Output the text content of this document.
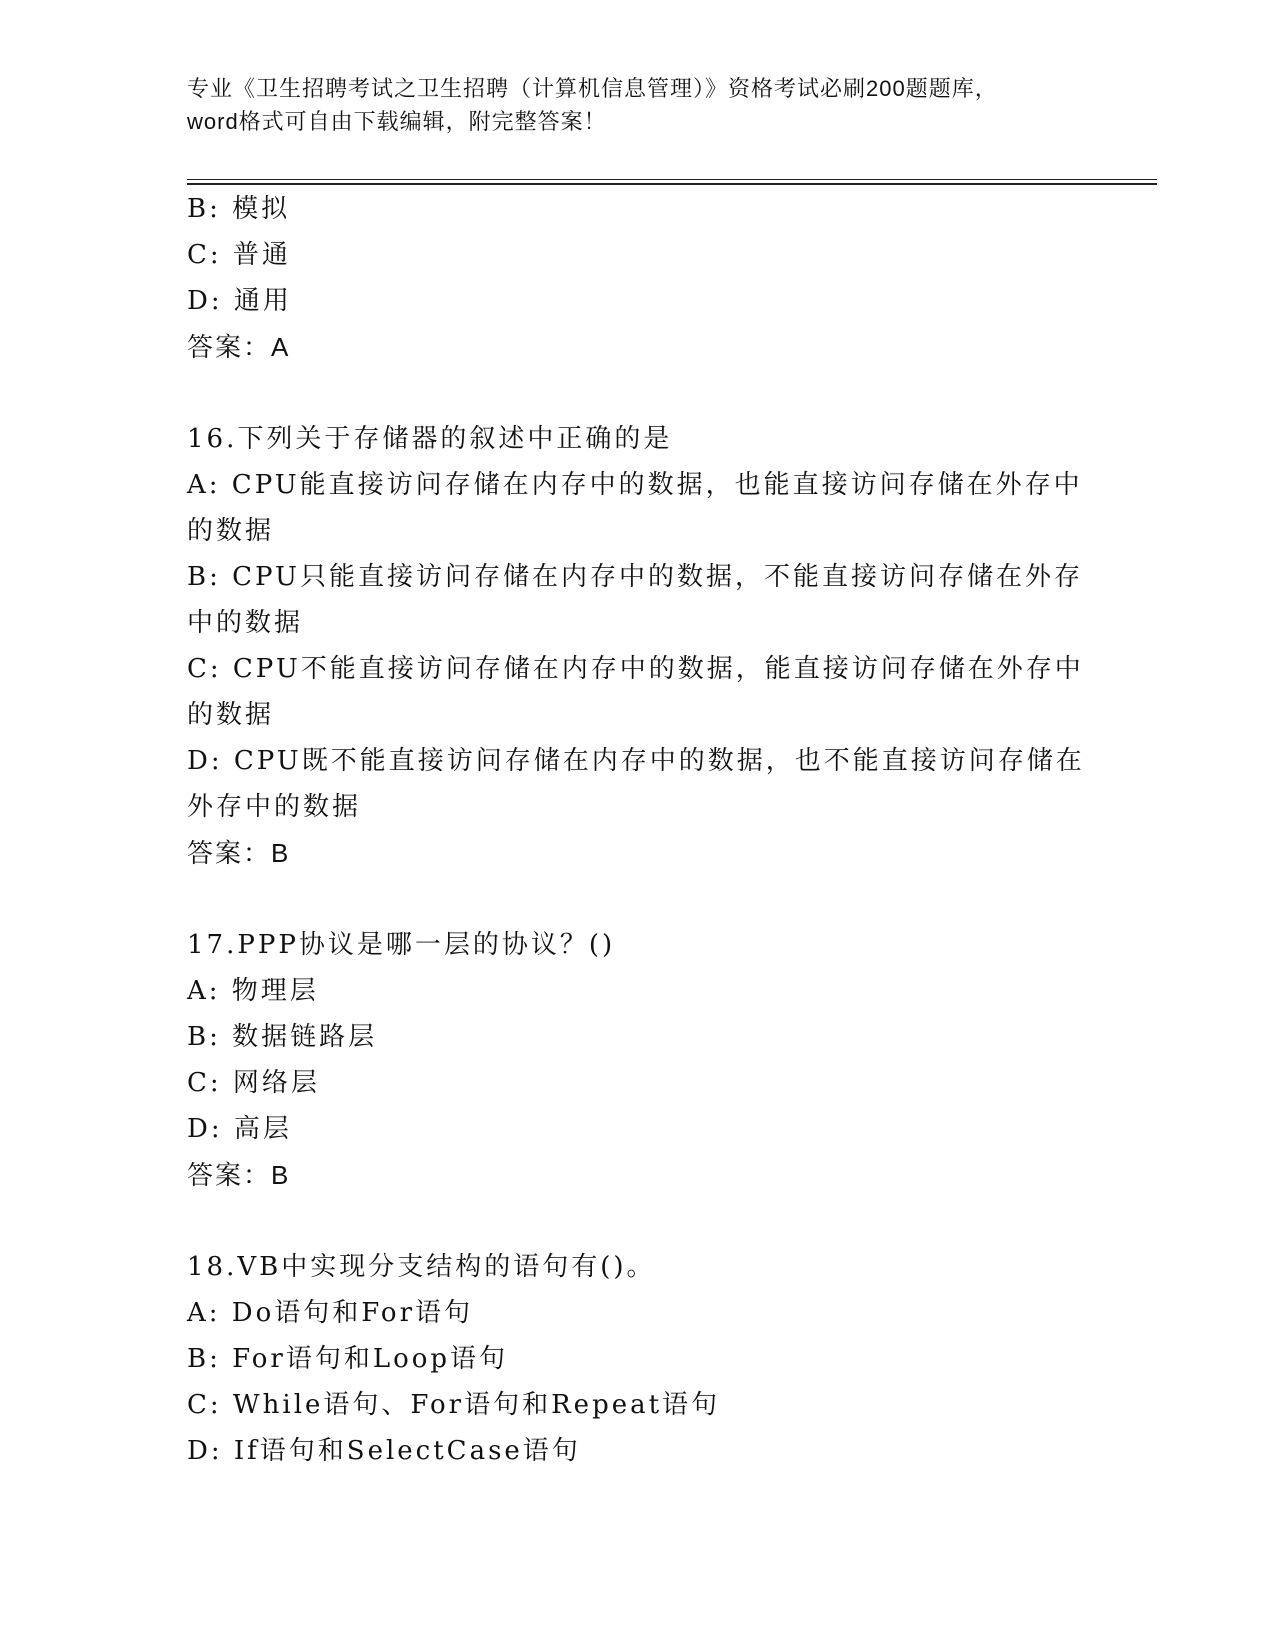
专业《卫生招聘考试之卫生招聘（计算机信息管理）》资格考试必刷200题题库，
word格式可自由下载编辑，附完整答案！
B: 模拟
C: 普通
D: 通用
答案：A
16.下列关于存储器的叙述中正确的是
A: CPU能直接访问存储在内存中的数据，也能直接访问存储在外存中
的数据
B: CPU只能直接访问存储在内存中的数据，不能直接访问存储在外存
中的数据
C: CPU不能直接访问存储在内存中的数据，能直接访问存储在外存中
的数据
D: CPU既不能直接访问存储在内存中的数据，也不能直接访问存储在
外存中的数据
答案：B
17.PPP协议是哪一层的协议？()
A: 物理层
B: 数据链路层
C: 网络层
D: 高层
答案：B
18.VB中实现分支结构的语句有()。
A: Do语句和For语句
B: For语句和Loop语句
C: While语句、For语句和Repeat语句
D: If语句和SelectCase语句
